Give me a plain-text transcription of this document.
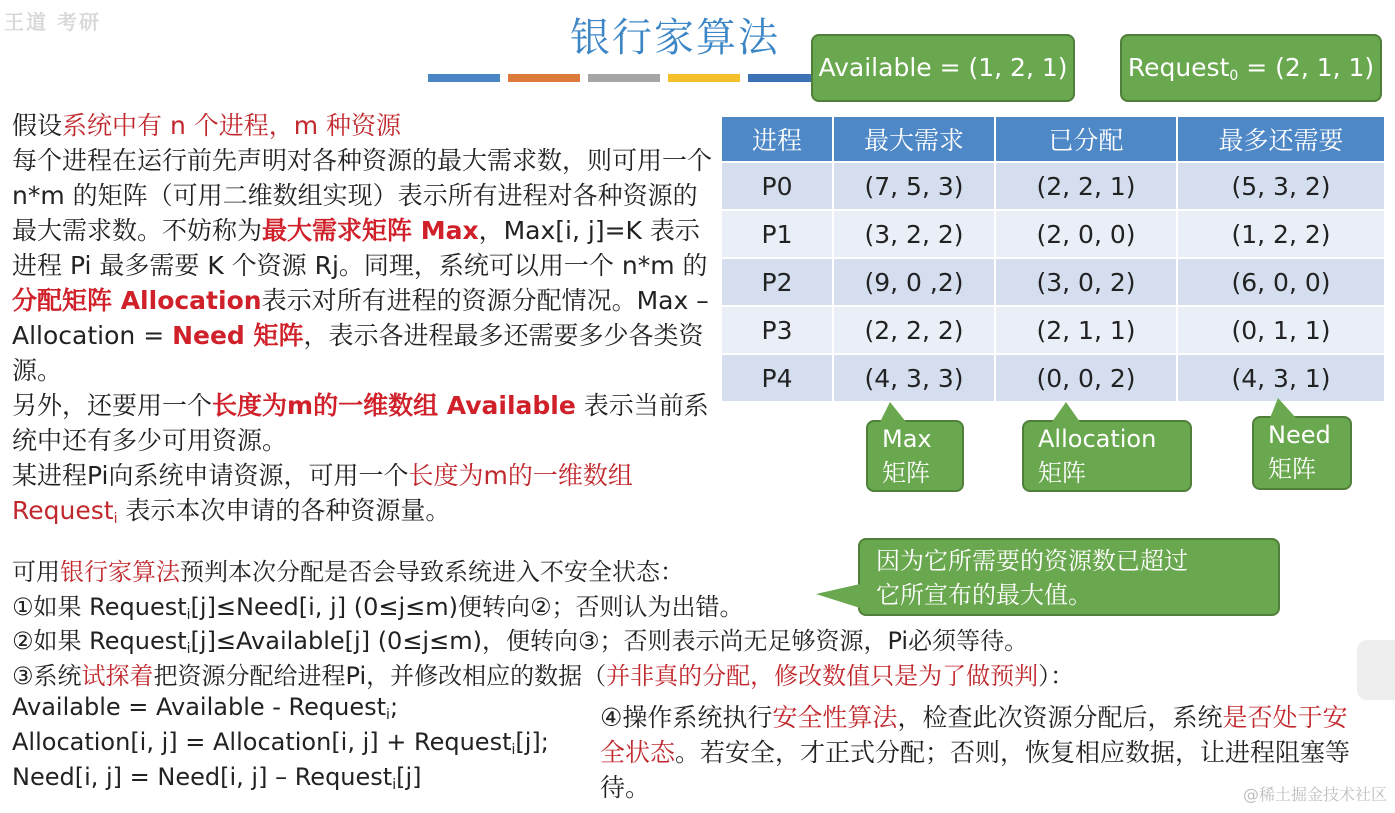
王道 考研	银行家算法
Available = (1, 2, 1)	Request$_0$ = (2, 1, 1)

假设系统中有 n 个进程，m 种资源

每个进程在运行前先声明对各种资源的最大需求数，则可用一个 n*m 的矩阵（可用二维数组实现）表示所有进程对各种资源的最大需求数。不妨称为最大需求矩阵 Max，Max[i, j]=K 表示进程 Pi 最多需要 K 个资源 Rj。同理，系统可以用一个 n*m 的分配矩阵 Allocation表示对所有进程的资源分配情况。Max – Allocation = Need 矩阵，表示各进程最多还需要多少各类资源。

另外，还要用一个长度为m的一维数组 Available 表示当前系统中还有多少可用资源。

某进程Pi向系统申请资源，可用一个长度为m的一维数组 Request$_i$ 表示本次申请的各种资源量。

进程	最大需求	已分配	最多还需要
P0	(7, 5, 3)	(2, 2, 1)	(5, 3, 2)
P1	(3, 2, 2)	(2, 0, 0)	(1, 2, 2)
P2	(9, 0 ,2)	(3, 0, 2)	(6, 0, 0)
P3	(2, 2, 2)	(2, 1, 1)	(0, 1, 1)
P4	(4, 3, 3)	(0, 0, 2)	(4, 3, 1)
Max
矩阵
Allocation
矩阵
Need
矩阵
因为它所需要的资源数已超过
它所宣布的最大值。
可用银行家算法预判本次分配是否会导致系统进入不安全状态：
①如果 Request$_i$[j]≤Need[i, j] (0≤j≤m)便转向②；否则认为出错。
②如果 Request$_i$[j]≤Available[j] (0≤j≤m)，便转向③；否则表示尚无足够资源，Pi必须等待。
③系统试探着把资源分配给进程Pi，并修改相应的数据（并非真的分配，修改数值只是为了做预判）：
Available = Available - Request$_i$;
Allocation[i, j] = Allocation[i, j] + Request$_i$[j];
Need[i, j] = Need[i, j] – Request$_i$[j]
④操作系统执行安全性算法，检查此次资源分配后，系统是否处于安全状态。若安全，才正式分配；否则，恢复相应数据，让进程阻塞等待。	@稀土掘金技术社区
